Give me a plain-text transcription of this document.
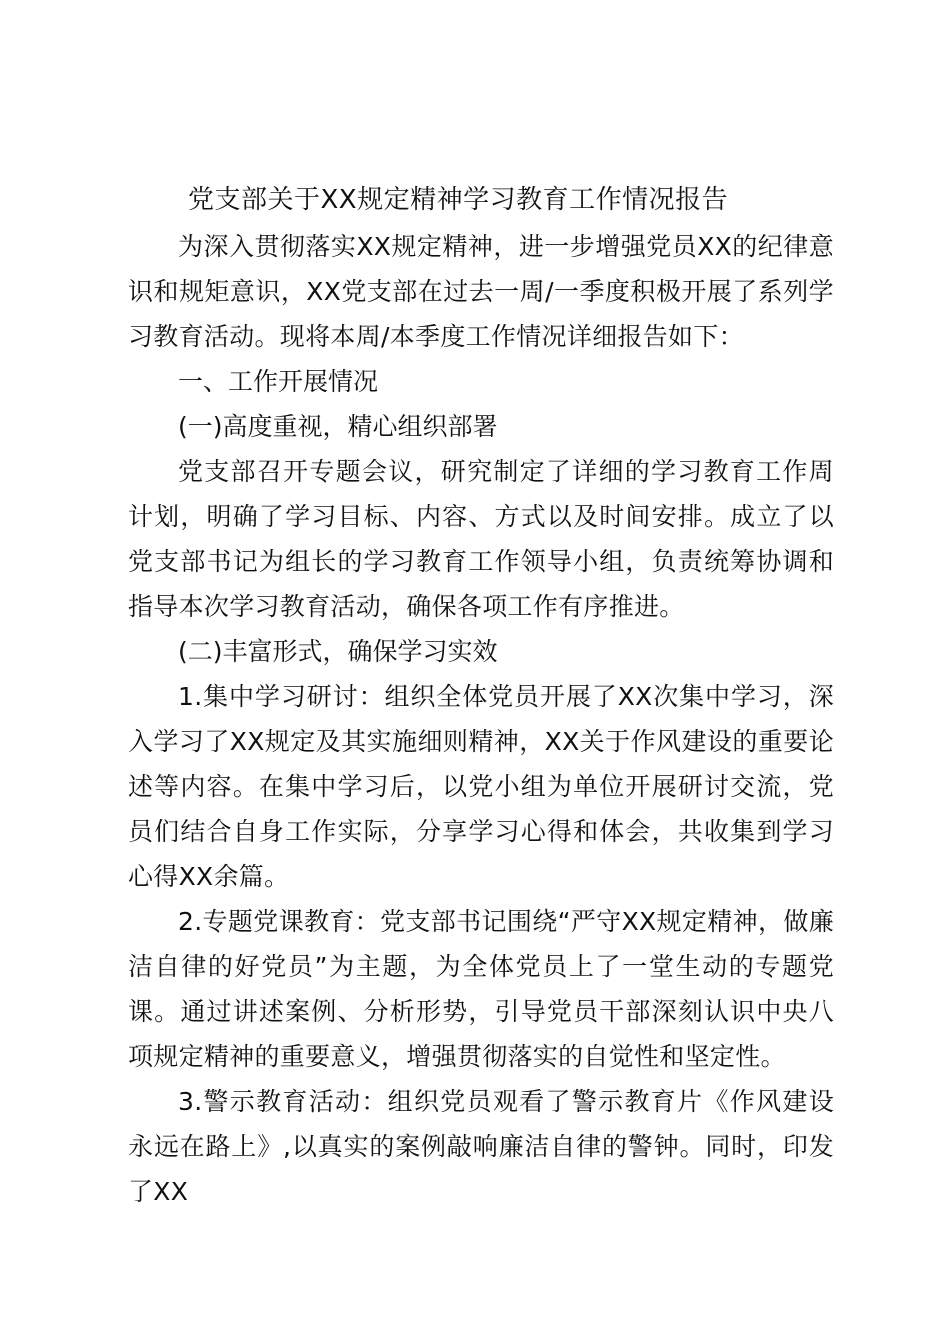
党支部关于XX规定精神学习教育工作情况报告

为深入贯彻落实XX规定精神，进一步增强党员XX的纪律意识和规矩意识，XX党支部在过去一周/一季度积极开展了系列学习教育活动。现将本周/本季度工作情况详细报告如下：

一、工作开展情况

(一)高度重视，精心组织部署

党支部召开专题会议，研究制定了详细的学习教育工作周计划，明确了学习目标、内容、方式以及时间安排。成立了以党支部书记为组长的学习教育工作领导小组，负责统筹协调和指导本次学习教育活动，确保各项工作有序推进。

(二)丰富形式，确保学习实效

1.集中学习研讨：组织全体党员开展了XX次集中学习，深入学习了XX规定及其实施细则精神，XX关于作风建设的重要论述等内容。在集中学习后，以党小组为单位开展研讨交流，党员们结合自身工作实际，分享学习心得和体会，共收集到学习心得XX余篇。

2.专题党课教育：党支部书记围绕“严守XX规定精神，做廉洁自律的好党员”为主题，为全体党员上了一堂生动的专题党课。通过讲述案例、分析形势，引导党员干部深刻认识中央八项规定精神的重要意义，增强贯彻落实的自觉性和坚定性。

3.警示教育活动：组织党员观看了警示教育片《作风建设永远在路上》,以真实的案例敲响廉洁自律的警钟。同时，印发了XX
